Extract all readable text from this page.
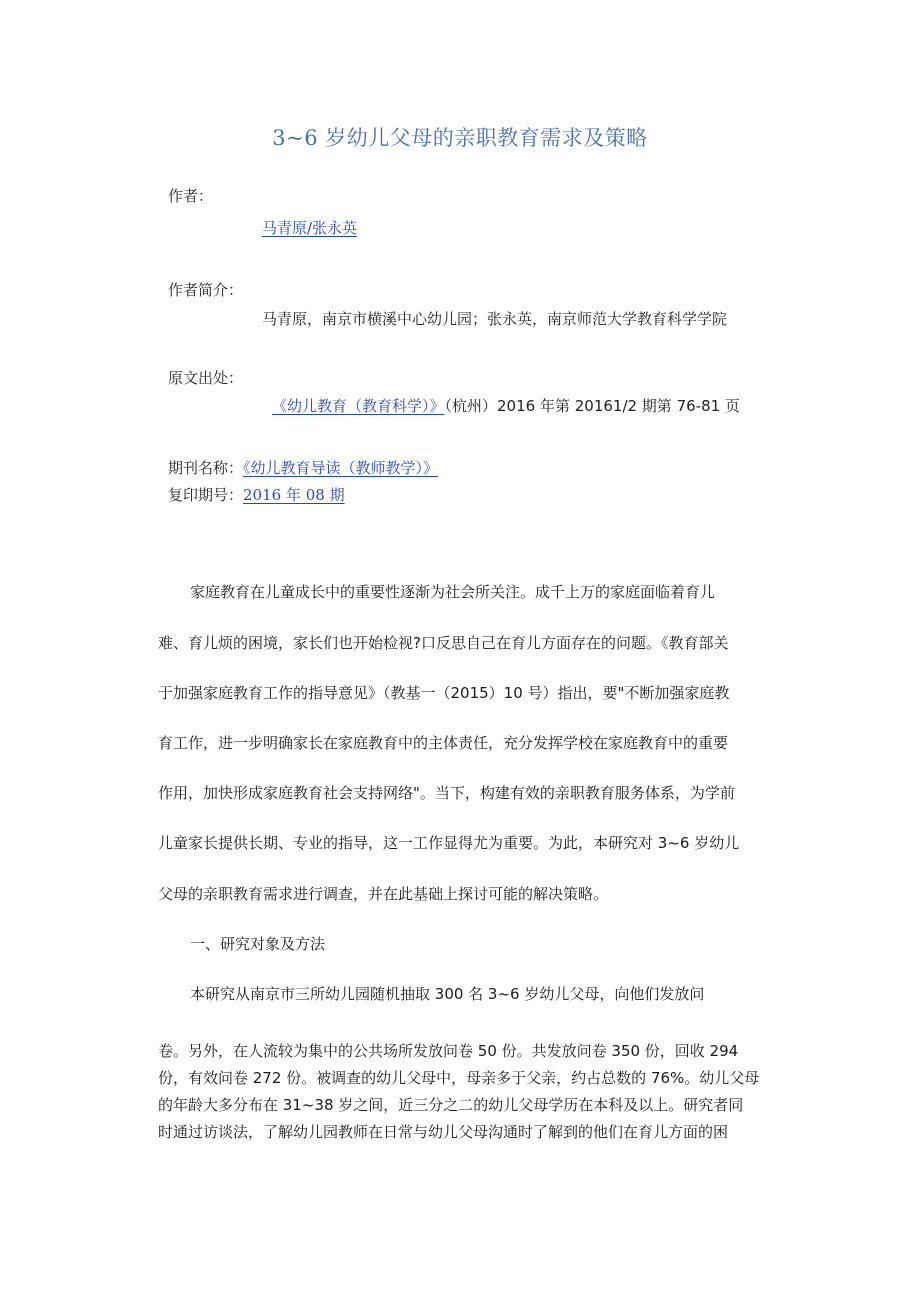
3~6 岁幼儿父母的亲职教育需求及策略
作者：
马青原/张永英
作者简介：
马青原，南京市横溪中心幼儿园；张永英，南京师范大学教育科学学院
原文出处：
《幼儿教育（教育科学）》（杭州）2016 年第 20161/2 期第 76-81 页
期刊名称：《幼儿教育导读（教师教学）》
复印期号：2016 年 08 期
家庭教育在儿童成长中的重要性逐渐为社会所关注。成千上万的家庭面临着育儿
难、育儿烦的困境，家长们也开始检视?口反思自己在育儿方面存在的问题。《教育部关
于加强家庭教育工作的指导意见》（教基一（2015）10 号）指出，要"不断加强家庭教
育工作，进一步明确家长在家庭教育中的主体责任，充分发挥学校在家庭教育中的重要
作用，加快形成家庭教育社会支持网络"。当下，构建有效的亲职教育服务体系，为学前
儿童家长提供长期、专业的指导，这一工作显得尤为重要。为此，本研究对 3~6 岁幼儿
父母的亲职教育需求进行调查，并在此基础上探讨可能的解决策略。
一、研究对象及方法
本研究从南京市三所幼儿园随机抽取 300 名 3~6 岁幼儿父母，向他们发放问
卷。另外，在人流较为集中的公共场所发放问卷 50 份。共发放问卷 350 份，回收 294
份，有效问卷 272 份。被调查的幼儿父母中，母亲多于父亲，约占总数的 76%。幼儿父母
的年龄大多分布在 31~38 岁之间，近三分之二的幼儿父母学历在本科及以上。研究者同
时通过访谈法，了解幼儿园教师在日常与幼儿父母沟通时了解到的他们在育儿方面的困
